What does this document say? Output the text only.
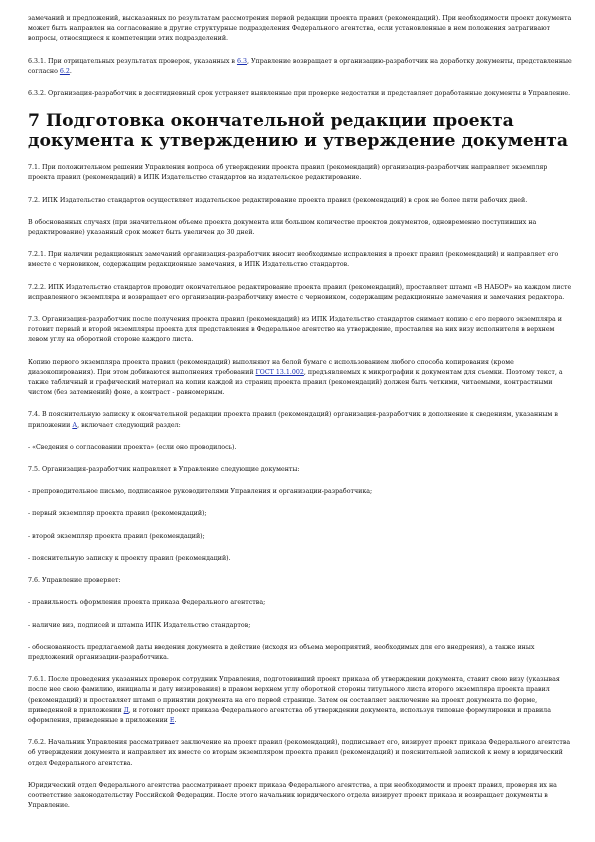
замечаний и предложений, высказанных по результатам рассмотрения первой редакции проекта правил (рекомендаций). При необходимости проект документа может быть направлен на согласование в другие структурные подразделения Федерального агентства, если установленные в нем положения затрагивают вопросы, относящиеся к компетенции этих подразделений.

6.3.1. При отрицательных результатах проверок, указанных в 6.3, Управление возвращает в организацию-разработчик на доработку документы, представленные согласно 6.2.

6.3.2. Организация-разработчик в десятидневный срок устраняет выявленные при проверке недостатки и представляет доработанные документы в Управление.

7 Подготовка окончательной редакции проекта документа к утверждению и утверждение документа

7.1. При положительном решении Управления вопроса об утверждении проекта правил (рекомендаций) организация-разработчик направляет экземпляр проекта правил (рекомендаций) в ИПК Издательство стандартов на издательское редактирование.

7.2. ИПК Издательство стандартов осуществляет издательское редактирование проекта правил (рекомендаций) в срок не более пяти рабочих дней.

В обоснованных случаях (при значительном объеме проекта документа или большом количестве проектов документов, одновременно поступивших на редактирование) указанный срок может быть увеличен до 30 дней.

7.2.1. При наличии редакционных замечаний организация-разработчик вносит необходимые исправления в проект правил (рекомендаций) и направляет его вместе с черновиком, содержащим редакционные замечания, в ИПК Издательство стандартов.

7.2.2. ИПК Издательство стандартов проводит окончательное редактирование проекта правил (рекомендаций), проставляет штамп «В НАБОР» на каждом листе исправленного экземпляра и возвращает его организации-разработчику вместе с черновиком, содержащим редакционные замечания и замечания редактора.

7.3. Организация-разработчик после получения проекта правил (рекомендаций) из ИПК Издательство стандартов снимает копию с его первого экземпляра и готовит первый и второй экземпляры проекта для представления в Федеральное агентство на утверждение, проставляя на них визу исполнителя в верхнем левом углу на оборотной стороне каждого листа.

Копию первого экземпляра проекта правил (рекомендаций) выполняют на белой бумаге с использованием любого способа копирования (кроме диазокопирования). При этом добиваются выполнения требований ГОСТ 13.1.002, предъявляемых к микрографии к документам для съемки. Поэтому текст, а также табличный и графический материал на копии каждой из страниц проекта правил (рекомендаций) должен быть четкими, читаемыми, контрастными чистом (без затемнений) фоне, а контраст - равномерным.

7.4. В пояснительную записку к окончательной редакции проекта правил (рекомендаций) организация-разработчик в дополнение к сведениям, указанным в приложении А, включает следующий раздел:

- «Сведения о согласовании проекта» (если оно проводилось).

7.5. Организация-разработчик направляет в Управление следующие документы:

- препроводительное письмо, подписанное руководителями Управления и организации-разработчика;

- первый экземпляр проекта правил (рекомендаций);

- второй экземпляр проекта правил (рекомендаций);

- пояснительную записку к проекту правил (рекомендаций).

7.6. Управление проверяет:

- правильность оформления проекта приказа Федерального агентства;

- наличие виз, подписей и штампа ИПК Издательство стандартов;

- обоснованность предлагаемой даты введения документа в действие (исходя из объема мероприятий, необходимых для его внедрения), а также иных предложений организации-разработчика.

7.6.1. После проведения указанных проверок сотрудник Управления, подготовивший проект приказа об утверждении документа, ставит свою визу (указывая после нее свою фамилию, инициалы и дату визирования) в правом верхнем углу оборотной стороны титульного листа второго экземпляра проекта правил (рекомендаций) и проставляет штамп о принятии документа на его первой странице. Затем он составляет заключение на проект документа по форме, приведенной в приложении Д, и готовит проект приказа Федерального агентства об утверждении документа, используя типовые формулировки и правила оформления, приведенные в приложении Е.

7.6.2. Начальник Управления рассматривает заключение на проект правил (рекомендаций), подписывает его, визирует проект приказа Федерального агентства об утверждении документа и направляет их вместе со вторым экземпляром проекта правил (рекомендаций) и пояснительной запиской к нему в юридический отдел Федерального агентства.

Юридический отдел Федерального агентства рассматривает проект приказа Федерального агентства, а при необходимости и проект правил, проверяя их на соответствие законодательству Российской Федерации. После этого начальник юридического отдела визирует проект приказа и возвращает документы в Управление.
